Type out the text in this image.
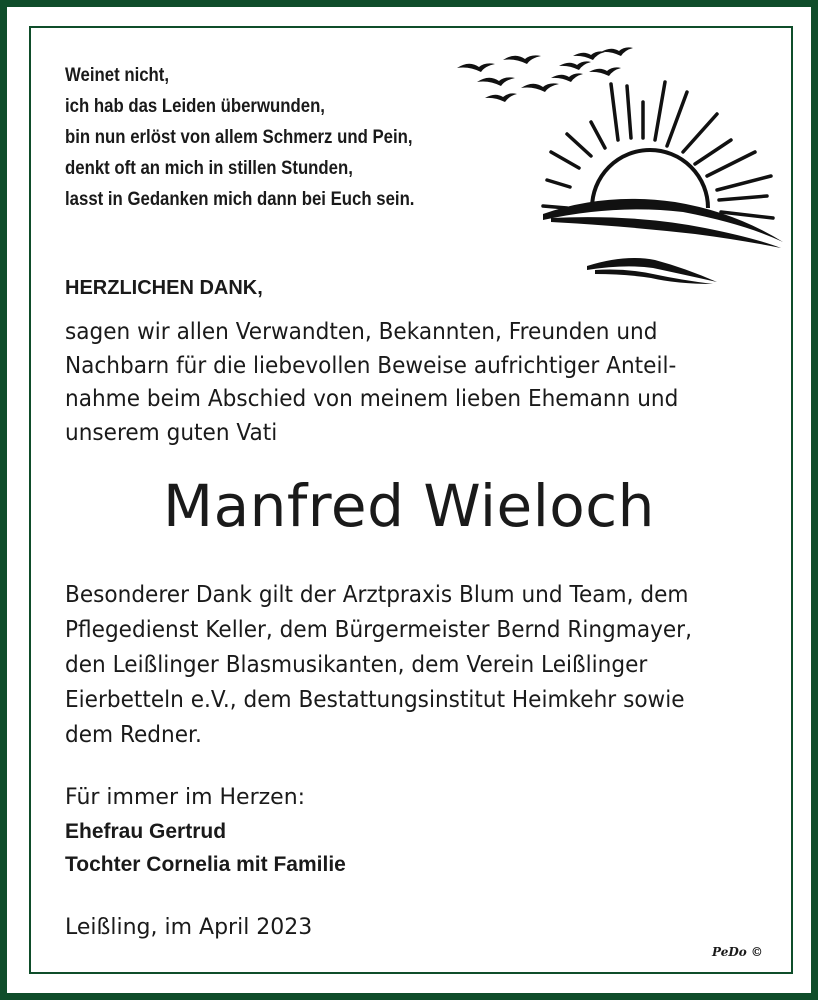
Weinet nicht,
ich hab das Leiden überwunden,
bin nun erlöst von allem Schmerz und Pein,
denkt oft an mich in stillen Stunden,
lasst in Gedanken mich dann bei Euch sein.
HERZLICHEN DANK,
sagen wir allen Verwandten, Bekannten, Freunden und
Nachbarn für die liebevollen Beweise aufrichtiger Anteil-
nahme beim Abschied von meinem lieben Ehemann und
unserem guten Vati
Manfred Wieloch
Besonderer Dank gilt der Arztpraxis Blum und Team, dem
Pflegedienst Keller, dem Bürgermeister Bernd Ringmayer,
den Leißlinger Blasmusikanten, dem Verein Leißlinger
Eierbetteln e.V., dem Bestattungsinstitut Heimkehr sowie
dem Redner.
Für immer im Herzen:
Ehefrau Gertrud
Tochter Cornelia mit Familie
Leißling, im April 2023
PeDo ©
